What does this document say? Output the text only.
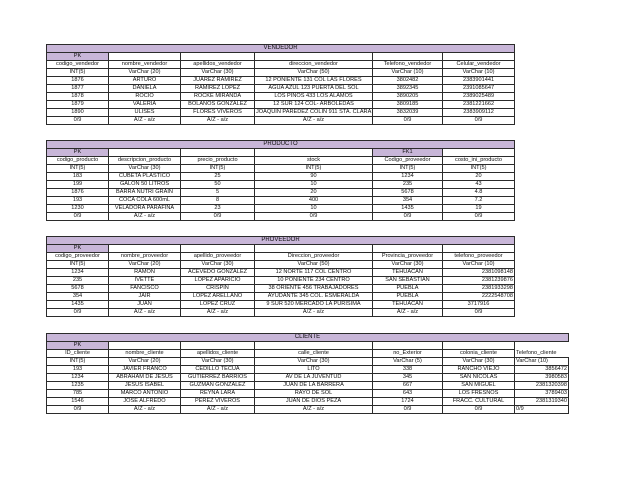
VENDEDOR					
PK					
codigo_vendedor	nombre_vendedor	apellidos_vendedor	direccion_vendedor	Telefono_vendedor	Celular_vendedor
INT(5)	VarChar (20)	VarChar (30)	VarChar (50)	VarChar (10)	VarChar (10)
1876	ARTURO	JUAREZ RAMIREZ	12 PONIENTE 131 COL LAS FLORES	3802482	2383901441
1877	DANIELA	RAMIREZ LOPEZ	AGUA AZUL 123 PUERTA DEL SOL	3892345	2391085647
1878	ROCIO	ROCKE MIRANDA	LOS PINOS 433 LOS ALAMOS	3890205	2389025489
1879	VALERIA	BOLAÑOS GONZALEZ	12 SUR 124 COL- ARBOLEDAS	3809185	2381221662
1890	ULISES	FLORES VIVEROS	JOAQUIN PAREDEZ COLIN 911 STA. CLARA	3832039	2383909112
0/9	A/Z - a/z	A/Z - a/z	A/Z - a/z	0/9	0/9
PRODUCTO					
PK				FK1	
codigo_producto	descripcion_producto	precio_producto	stock	Codigo_proveedor	costo_ini_producto
INT(5)	VarChar (30)	INT(5)	INT(5)	INT(5)	INT(5)
183	CUBETA PLASTICO	25	90	1234	20
199	GALON 50 LITROS	50	10	235	43
1876	BARRA NUTRI GRAIN	5	20	5678	4.8
193	COCA COLA 600mL	8	400	354	7.2
1230	VELADORA PARAFINA	23	10	1435	19
0/9	A/Z - a/z	0/9	0/9	0/9	0/9
PROVEEDOR					
PK					
codigo_proveedor	nombre_proveedor	apellido_proveedor	Direccion_proveedor	Provincia_proveedor	telefono_proveedor
INT(5)	VarChar (20)	VarChar (30)	VarChar (50)	VarChar (30)	VarChar (10)
1234	RAMON	ACEVEDO GONZALEZ	12 NORTE 117 COL CENTRO	TEHUACAN	2381098148
235	IVETTE	LOPEZ APARICIO	10 PONIENTE 234 CENTRO	SAN SEBASTIAN	2381239876
5678	FANCISCO	CRISPIN	38 ORIENTE 456 TRABAJADORES	PUEBLA	2381933298
354	JAIR	LOPEZ ARELLANO	AYUDANTE 345 COL. ESMERALDA	PUEBLA	2222548708
1435	JUAN	LOPEZ CRUZ	9 SUR 520 MERCADO LA PURISIMA	TEHUACAN	3717916
0/9	A/Z - a/z	A/Z - a/z	A/Z - a/z	A/Z - a/z	0/9
CLIENTE						
PK						
ID_cliente	nombre_cliente	apellidos_cliente	calle_cliente	no_Exterior	colonia_cliente	Telefono_cliente
INT(5)	VarChar (20)	VarChar (30)	VarChar (30)	VarChar (5)	VarChar (30)	VarChar (10)
193	JAVIER FRANCO	CEDILLO TECUA	LITO	338	RANCHO VIEJO	3856472
1234	ABRAHAM DE JESUS	GUTIERREZ BARRIOS	AV DE LA JUVENTUD	345	SAN NICOLAS	3980583
1235	JESUS ISABEL	GUZMAN GONZALEZ	JUAN DE LA BARRERA	667	SAN MIGUEL	2381320398
785	MARCO ANTONIO	REYNA LARA	RAYO DE SOL	643	LOS FRESNOS	3789403
1546	JOSE ALFREDO	PEREZ VIVEROS	JUAN DE DIOS PEZA	1724	FRACC. CULTURAL	2381319340
0/9	A/Z - a/z	A/Z - a/z	A/Z - a/z	0/9	0/9	0/9
